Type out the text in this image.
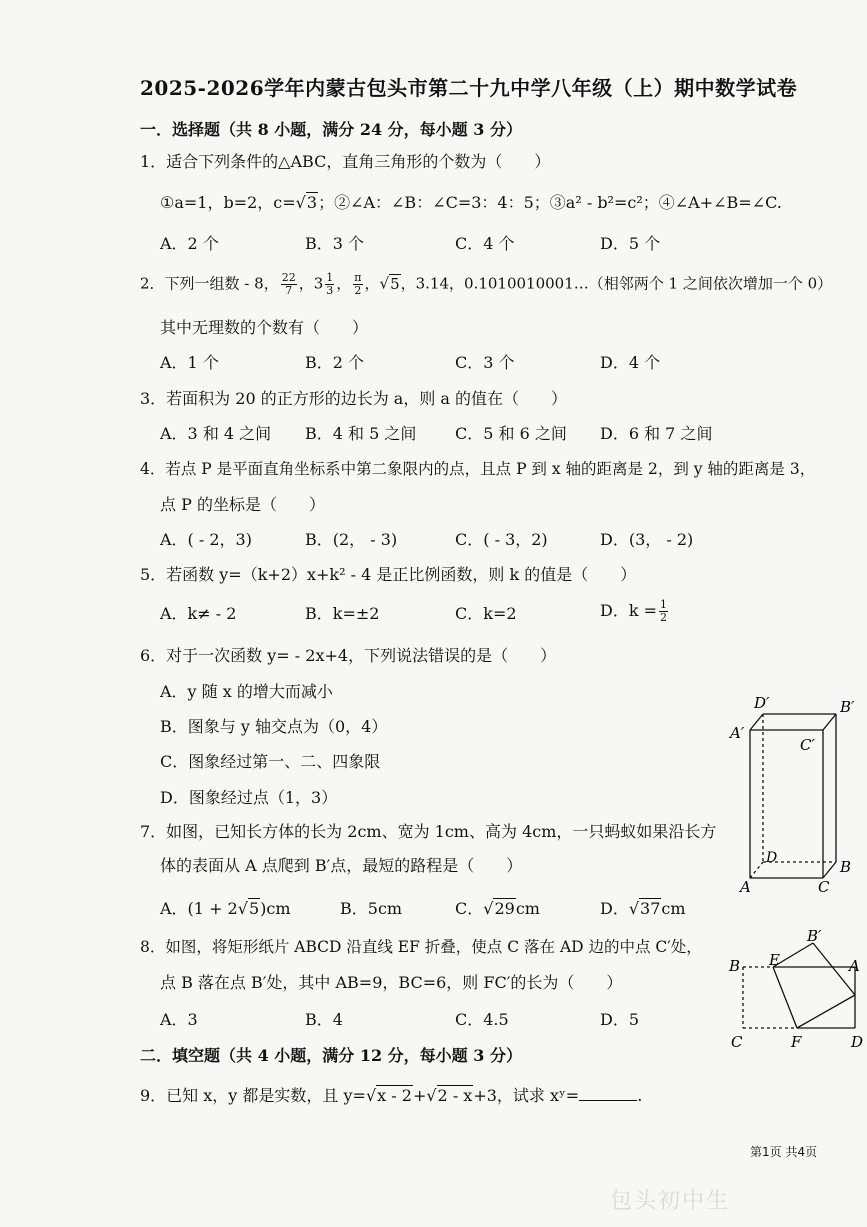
2025-2026学年内蒙古包头市第二十九中学八年级（上）期中数学试卷
一．选择题（共 8 小题，满分 24 分，每小题 3 分）
1．适合下列条件的△ABC，直角三角形的个数为（　　）
①a=1，b=2，c=√3；②∠A：∠B：∠C=3：4：5；③a² - b²=c²；④∠A+∠B=∠C.
A．2 个	B．3 个	C．4 个	D．5 个
2．下列一组数 - 8， $\frac{22}{7}$ ，$3 \frac{1}{3}$ ， $\frac{\pi}{2}$ ，√5，3.14，0.1010010001…（相邻两个 1 之间依次增加一个 0）
其中无理数的个数有（　　）
A．1 个	B．2 个	C．3 个	D．4 个
3．若面积为 20 的正方形的边长为 a，则 a 的值在（　　）
A．3 和 4 之间 B．4 和 5 之间 C．5 和 6 之间 D．6 和 7 之间
4．若点 P 是平面直角坐标系中第二象限内的点，且点 P 到 x 轴的距离是 2，到 y 轴的距离是 3，
点 P 的坐标是（　　）
A．( - 2，3)	B．(2， - 3)	C．( - 3，2)	D．(3， - 2)
5．若函数 y=（k+2）x+k² - 4 是正比例函数，则 k 的值是（　　）
A．k≠ - 2	B．k=±2	C．k=2	D．$k = \frac{1}{2}$
6．对于一次函数 y= - 2x+4，下列说法错误的是（　　）
A．y 随 x 的增大而减小
B．图象与 y 轴交点为（0，4）
C．图象经过第一、二、四象限
D．图象经过点（1，3）
7．如图，已知长方体的长为 2cm、宽为 1cm、高为 4cm，一只蚂蚁如果沿长方
体的表面从 A 点爬到 B′点，最短的路程是（　　）
A．(1 + 2√5)cm	B．5cm	C．√29cm	D．√37cm
D′	B′
A′
C′
D	B
A	C
8．如图，将矩形纸片 ABCD 沿直线 EF 折叠，使点 C 落在 AD 边的中点 C′处，
点 B 落在点 B′处，其中 AB=9，BC=6，则 FC′的长为（　　）
A．3	B．4	C．4.5	D．5
B′
B E	A
C	F	D
二．填空题（共 4 小题，满分 12 分，每小题 3 分）
9．已知 x，y 都是实数，且 y=√x - 2+√2 - x+3，试求 xʸ=	.
第1页 共4页
包头初中生
